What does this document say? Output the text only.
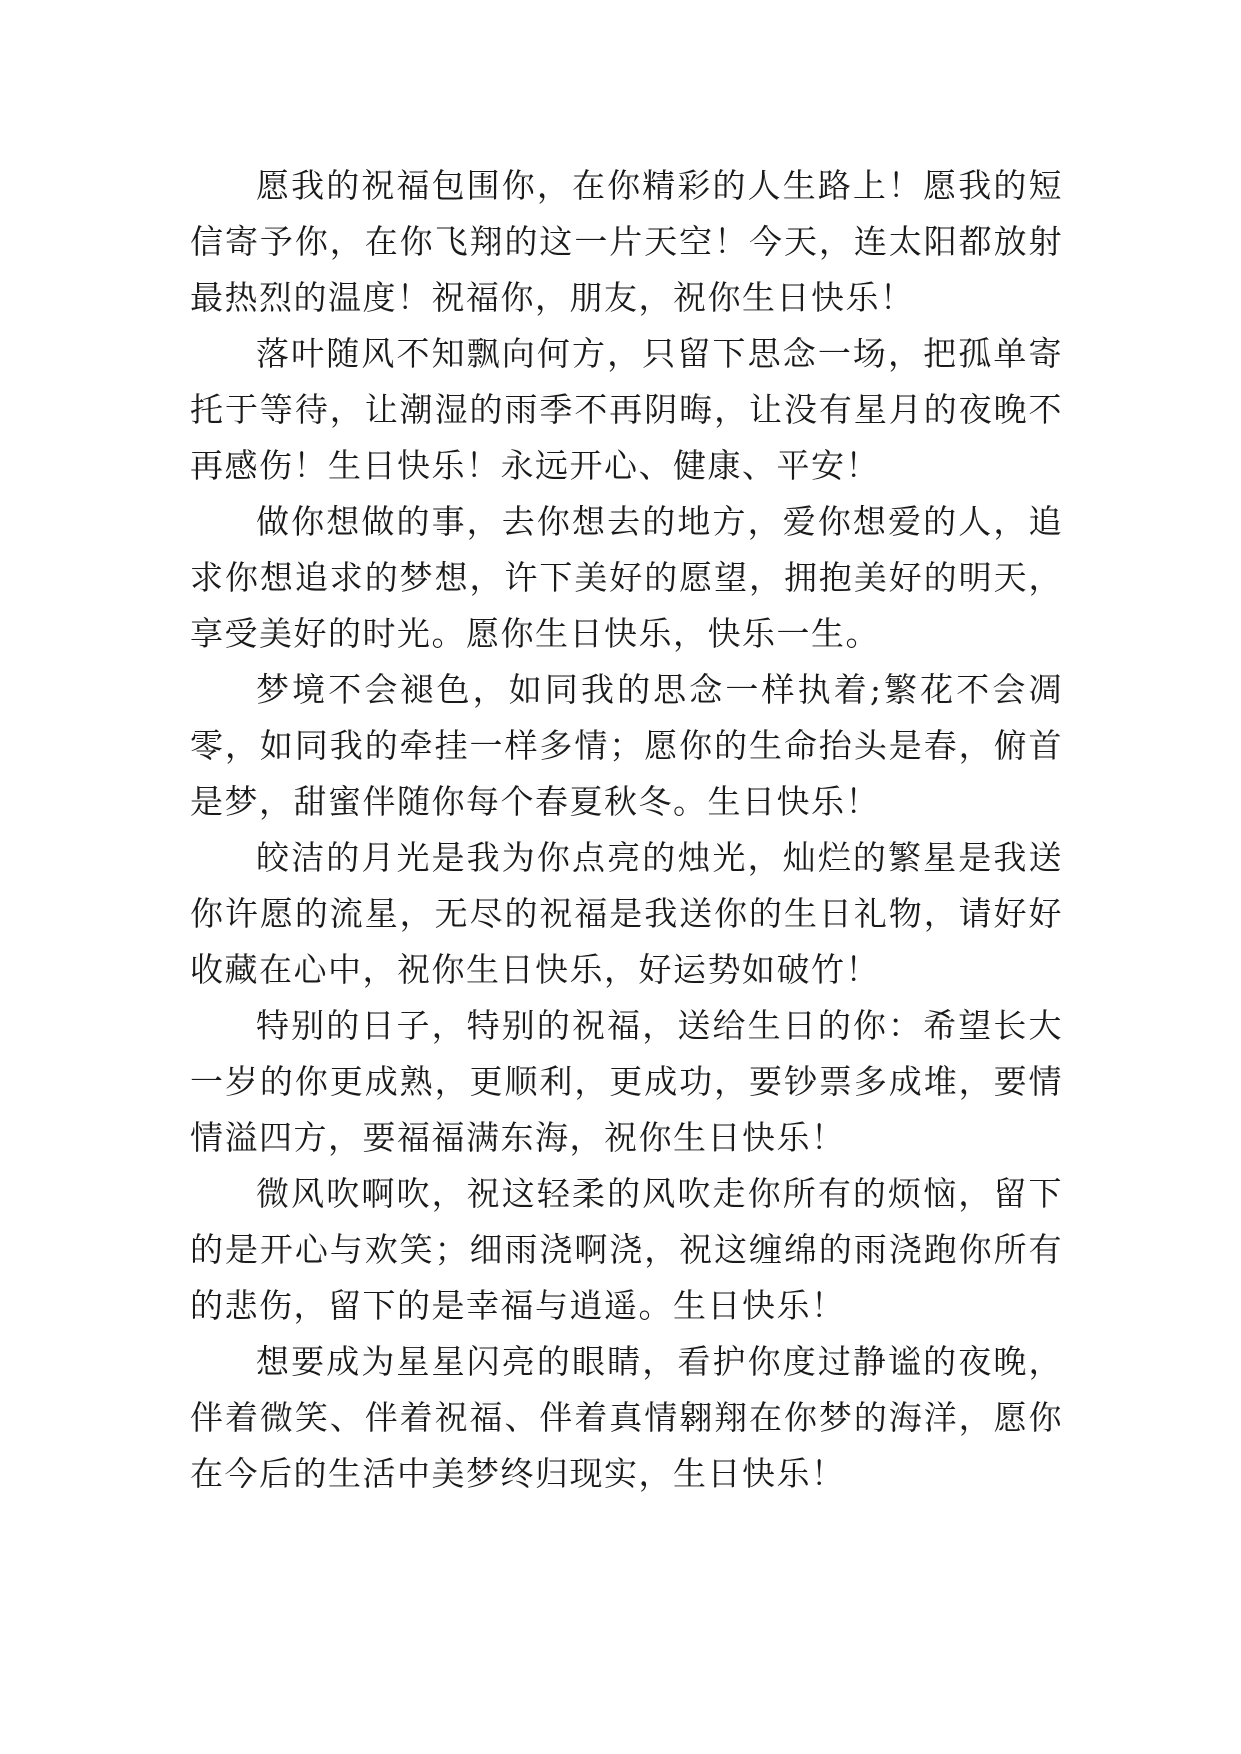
愿我的祝福包围你，在你精彩的人生路上！愿我的短信寄予你，在你飞翔的这一片天空！今天，连太阳都放射最热烈的温度！祝福你，朋友，祝你生日快乐！

落叶随风不知飘向何方，只留下思念一场，把孤单寄托于等待，让潮湿的雨季不再阴晦，让没有星月的夜晚不再感伤！生日快乐！永远开心、健康、平安！

做你想做的事，去你想去的地方，爱你想爱的人，追求你想追求的梦想，许下美好的愿望，拥抱美好的明天，享受美好的时光。愿你生日快乐，快乐一生。

梦境不会褪色，如同我的思念一样执着;繁花不会凋零，如同我的牵挂一样多情；愿你的生命抬头是春，俯首是梦，甜蜜伴随你每个春夏秋冬。生日快乐！

皎洁的月光是我为你点亮的烛光，灿烂的繁星是我送你许愿的流星，无尽的祝福是我送你的生日礼物，请好好收藏在心中，祝你生日快乐，好运势如破竹！

特别的日子，特别的祝福，送给生日的你：希望长大一岁的你更成熟，更顺利，更成功，要钞票多成堆，要情情溢四方，要福福满东海，祝你生日快乐！

微风吹啊吹，祝这轻柔的风吹走你所有的烦恼，留下的是开心与欢笑；细雨浇啊浇，祝这缠绵的雨浇跑你所有的悲伤，留下的是幸福与逍遥。生日快乐！

想要成为星星闪亮的眼睛，看护你度过静谧的夜晚，伴着微笑、伴着祝福、伴着真情翱翔在你梦的海洋，愿你在今后的生活中美梦终归现实，生日快乐！
